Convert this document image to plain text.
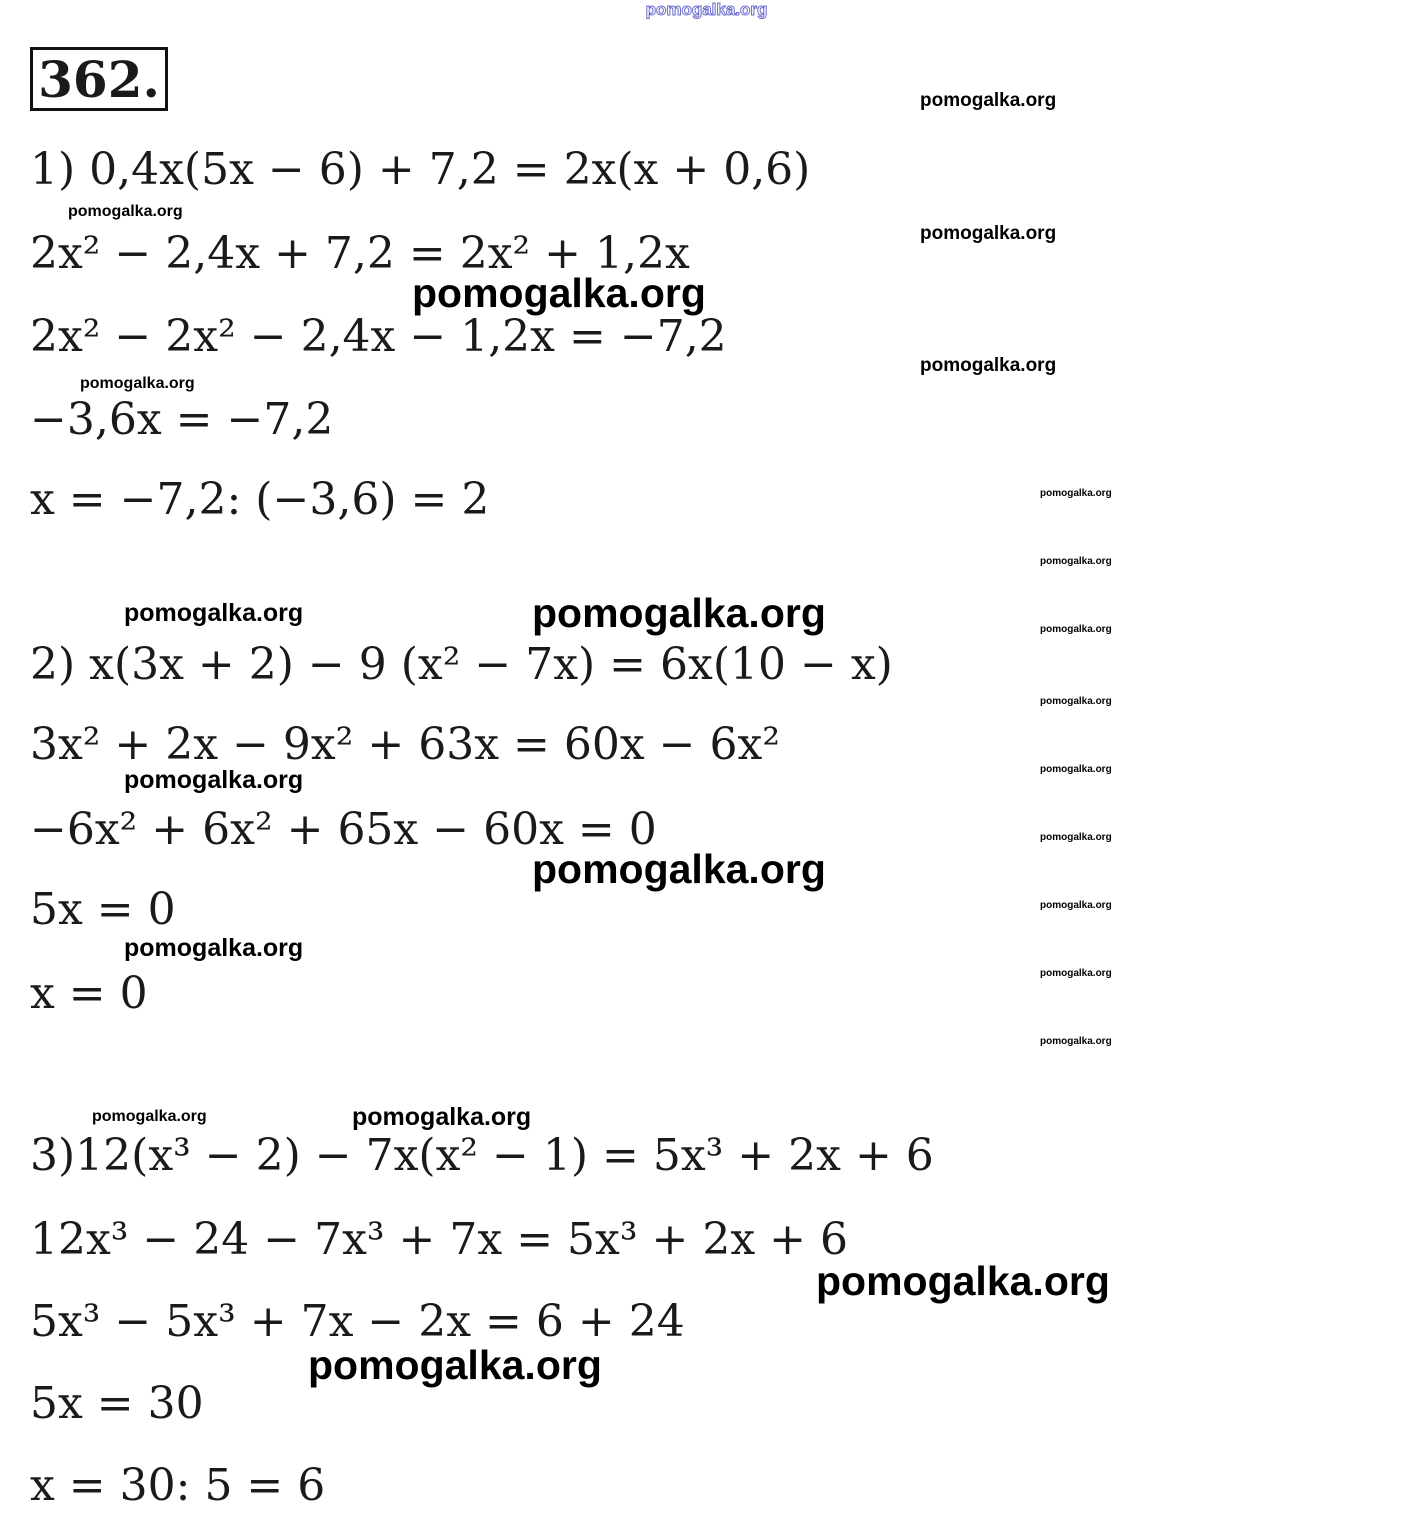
pomogalka.org
362.
1) 0,4x(5x − 6) + 7,2 = 2x(x + 0,6)
2x² − 2,4x + 7,2 = 2x² + 1,2x
2x² − 2x² − 2,4x − 1,2x = −7,2
−3,6x = −7,2
x = −7,2: (−3,6) = 2
2) x(3x + 2) − 9 (x² − 7x) = 6x(10 − x)
3x² + 2x − 9x² + 63x = 60x − 6x²
−6x² + 6x² + 65x − 60x = 0
5x = 0
x = 0
3)12(x³ − 2) − 7x(x² − 1) = 5x³ + 2x + 6
12x³ − 24 − 7x³ + 7x = 5x³ + 2x + 6
5x³ − 5x³ + 7x − 2x = 6 + 24
5x = 30
x = 30: 5 = 6
pomogalka.org
pomogalka.org
pomogalka.org
pomogalka.org
pomogalka.org
pomogalka.org
pomogalka.org	pomogalka.org
pomogalka.org
pomogalka.org
pomogalka.org
pomogalka.org	pomogalka.org
pomogalka.org
pomogalka.org
pomogalka.org
pomogalka.org
pomogalka.org
pomogalka.org
pomogalka.org
pomogalka.org
pomogalka.org
pomogalka.org
pomogalka.org
